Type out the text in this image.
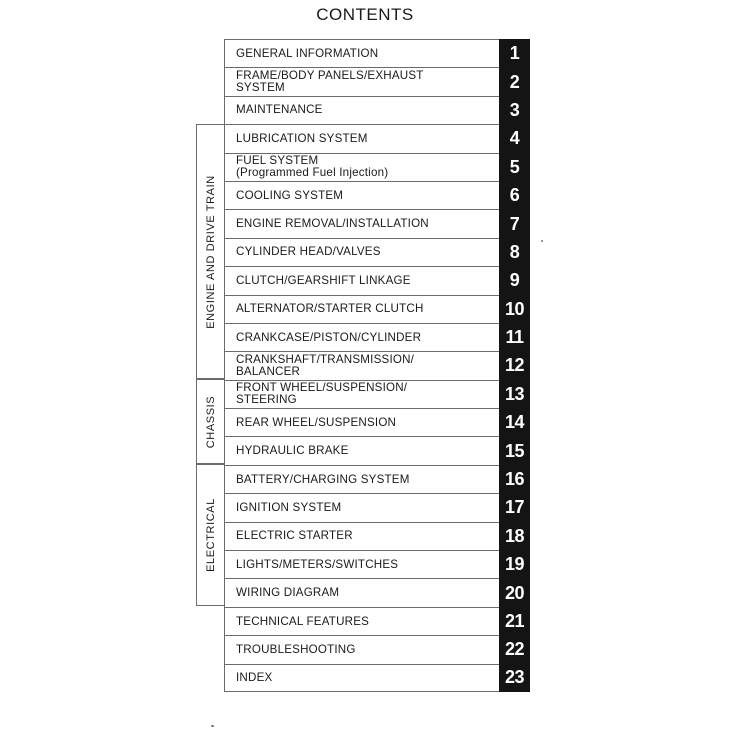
CONTENTS
GENERAL INFORMATION	1
FRAME/BODY PANELS/EXHAUST
SYSTEM	2
MAINTENANCE	3
LUBRICATION SYSTEM	4
FUEL SYSTEM
(Programmed Fuel Injection)	5
COOLING SYSTEM	6
ENGINE REMOVAL/INSTALLATION	7
CYLINDER HEAD/VALVES	8
CLUTCH/GEARSHIFT LINKAGE	9
ALTERNATOR/STARTER CLUTCH	10
CRANKCASE/PISTON/CYLINDER	11
CRANKSHAFT/TRANSMISSION/
BALANCER	12
FRONT WHEEL/SUSPENSION/
STEERING	13
REAR WHEEL/SUSPENSION	14
HYDRAULIC BRAKE	15
BATTERY/CHARGING SYSTEM	16
IGNITION SYSTEM	17
ELECTRIC STARTER	18
LIGHTS/METERS/SWITCHES	19
WIRING DIAGRAM	20
TECHNICAL FEATURES	21
TROUBLESHOOTING	22
INDEX	23
ENGINE AND DRIVE TRAIN
CHASSIS
ELECTRICAL
